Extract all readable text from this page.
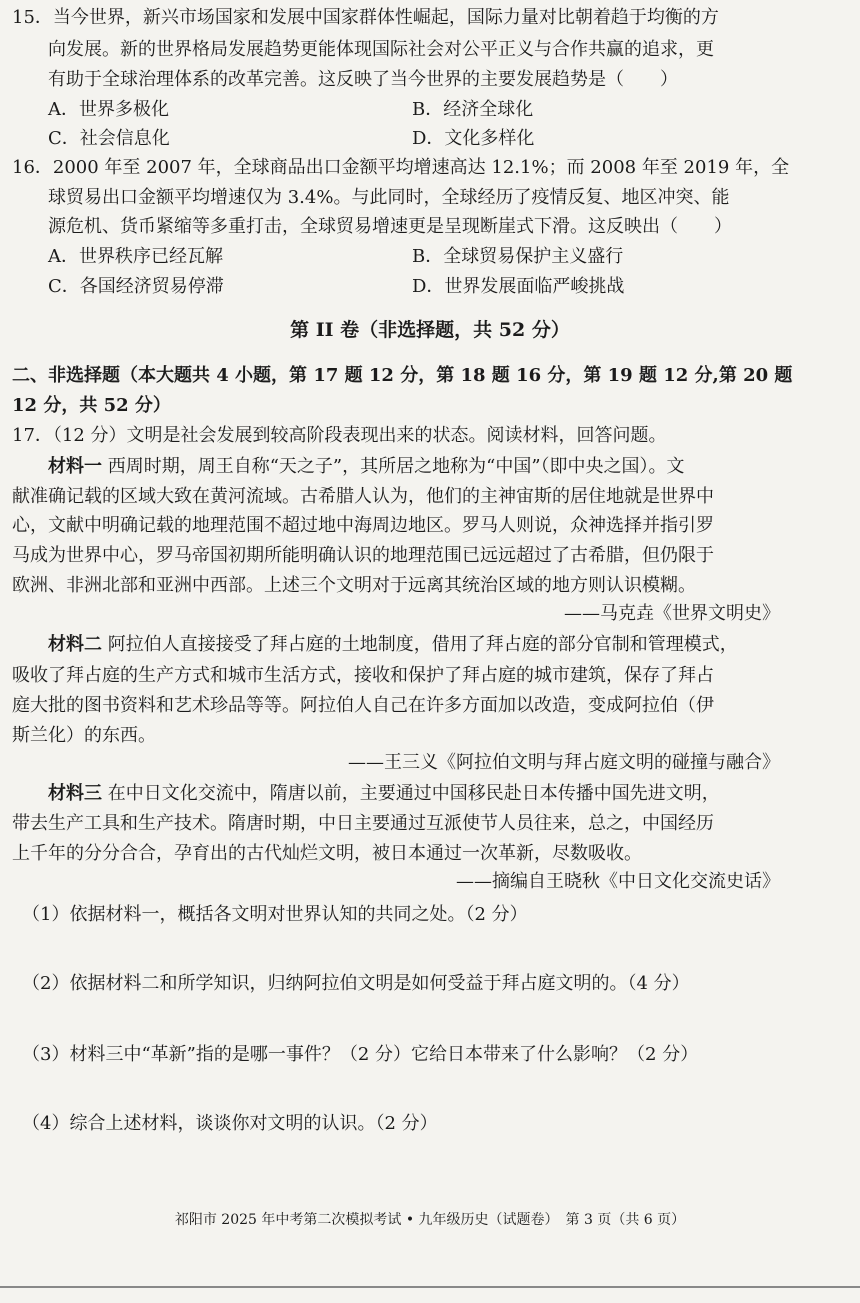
15．当今世界，新兴市场国家和发展中国家群体性崛起，国际力量对比朝着趋于均衡的方
向发展。新的世界格局发展趋势更能体现国际社会对公平正义与合作共赢的追求，更
有助于全球治理体系的改革完善。这反映了当今世界的主要发展趋势是（　　）
A．世界多极化	B．经济全球化
C．社会信息化	D．文化多样化
16．2000 年至 2007 年，全球商品出口金额平均增速高达 12.1%；而 2008 年至 2019 年，全
球贸易出口金额平均增速仅为 3.4%。与此同时，全球经历了疫情反复、地区冲突、能
源危机、货币紧缩等多重打击，全球贸易增速更是呈现断崖式下滑。这反映出（　　）
A．世界秩序已经瓦解	B．全球贸易保护主义盛行
C．各国经济贸易停滞	D．世界发展面临严峻挑战
第 II 卷（非选择题，共 52 分）
二、非选择题（本大题共 4 小题，第 17 题 12 分，第 18 题 16 分，第 19 题 12 分,第 20 题
12 分，共 52 分）
17．（12 分）文明是社会发展到较高阶段表现出来的状态。阅读材料，回答问题。
材料一 西周时期，周王自称“天之子”，其所居之地称为“中国”（即中央之国）。文
献准确记载的区域大致在黄河流域。古希腊人认为，他们的主神宙斯的居住地就是世界中
心，文献中明确记载的地理范围不超过地中海周边地区。罗马人则说，众神选择并指引罗
马成为世界中心，罗马帝国初期所能明确认识的地理范围已远远超过了古希腊，但仍限于
欧洲、非洲北部和亚洲中西部。上述三个文明对于远离其统治区域的地方则认识模糊。
——马克垚《世界文明史》
材料二 阿拉伯人直接接受了拜占庭的土地制度，借用了拜占庭的部分官制和管理模式，
吸收了拜占庭的生产方式和城市生活方式，接收和保护了拜占庭的城市建筑，保存了拜占
庭大批的图书资料和艺术珍品等等。阿拉伯人自己在许多方面加以改造，变成阿拉伯（伊
斯兰化）的东西。
——王三义《阿拉伯文明与拜占庭文明的碰撞与融合》
材料三 在中日文化交流中，隋唐以前，主要通过中国移民赴日本传播中国先进文明，
带去生产工具和生产技术。隋唐时期，中日主要通过互派使节人员往来，总之，中国经历
上千年的分分合合，孕育出的古代灿烂文明，被日本通过一次革新，尽数吸收。
——摘编自王晓秋《中日文化交流史话》
（1）依据材料一，概括各文明对世界认知的共同之处。（2 分）
（2）依据材料二和所学知识，归纳阿拉伯文明是如何受益于拜占庭文明的。（4 分）
（3）材料三中“革新”指的是哪一事件？（2 分）它给日本带来了什么影响？（2 分）
（4）综合上述材料，谈谈你对文明的认识。（2 分）
祁阳市 2025 年中考第二次模拟考试 • 九年级历史（试题卷）　第 3 页（共 6 页）
